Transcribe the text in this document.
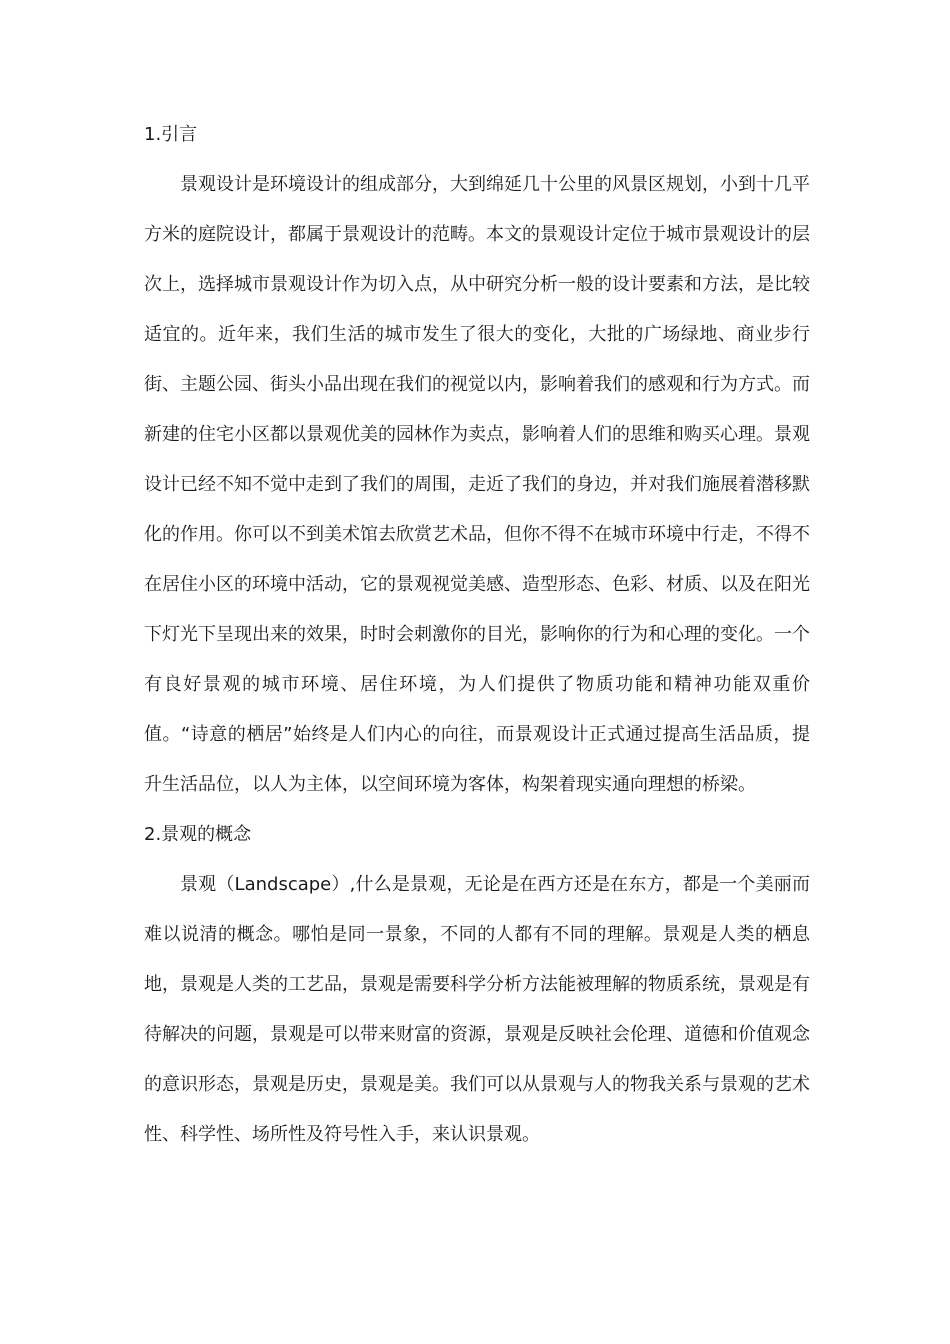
1.引言

景观设计是环境设计的组成部分，大到绵延几十公里的风景区规划，小到十几平方米的庭院设计，都属于景观设计的范畴。本文的景观设计定位于城市景观设计的层次上，选择城市景观设计作为切入点，从中研究分析一般的设计要素和方法，是比较适宜的。近年来，我们生活的城市发生了很大的变化，大批的广场绿地、商业步行街、主题公园、街头小品出现在我们的视觉以内，影响着我们的感观和行为方式。而新建的住宅小区都以景观优美的园林作为卖点，影响着人们的思维和购买心理。景观设计已经不知不觉中走到了我们的周围，走近了我们的身边，并对我们施展着潜移默化的作用。你可以不到美术馆去欣赏艺术品，但你不得不在城市环境中行走，不得不在居住小区的环境中活动，它的景观视觉美感、造型形态、色彩、材质、以及在阳光下灯光下呈现出来的效果，时时会刺激你的目光，影响你的行为和心理的变化。一个有良好景观的城市环境、居住环境，为人们提供了物质功能和精神功能双重价值。“诗意的栖居”始终是人们内心的向往，而景观设计正式通过提高生活品质，提升生活品位，以人为主体，以空间环境为客体，构架着现实通向理想的桥梁。

2.景观的概念

景观（Landscape）,什么是景观，无论是在西方还是在东方，都是一个美丽而难以说清的概念。哪怕是同一景象，不同的人都有不同的理解。景观是人类的栖息地，景观是人类的工艺品，景观是需要科学分析方法能被理解的物质系统，景观是有待解决的问题，景观是可以带来财富的资源，景观是反映社会伦理、道德和价值观念的意识形态，景观是历史，景观是美。我们可以从景观与人的物我关系与景观的艺术性、科学性、场所性及符号性入手，来认识景观。
